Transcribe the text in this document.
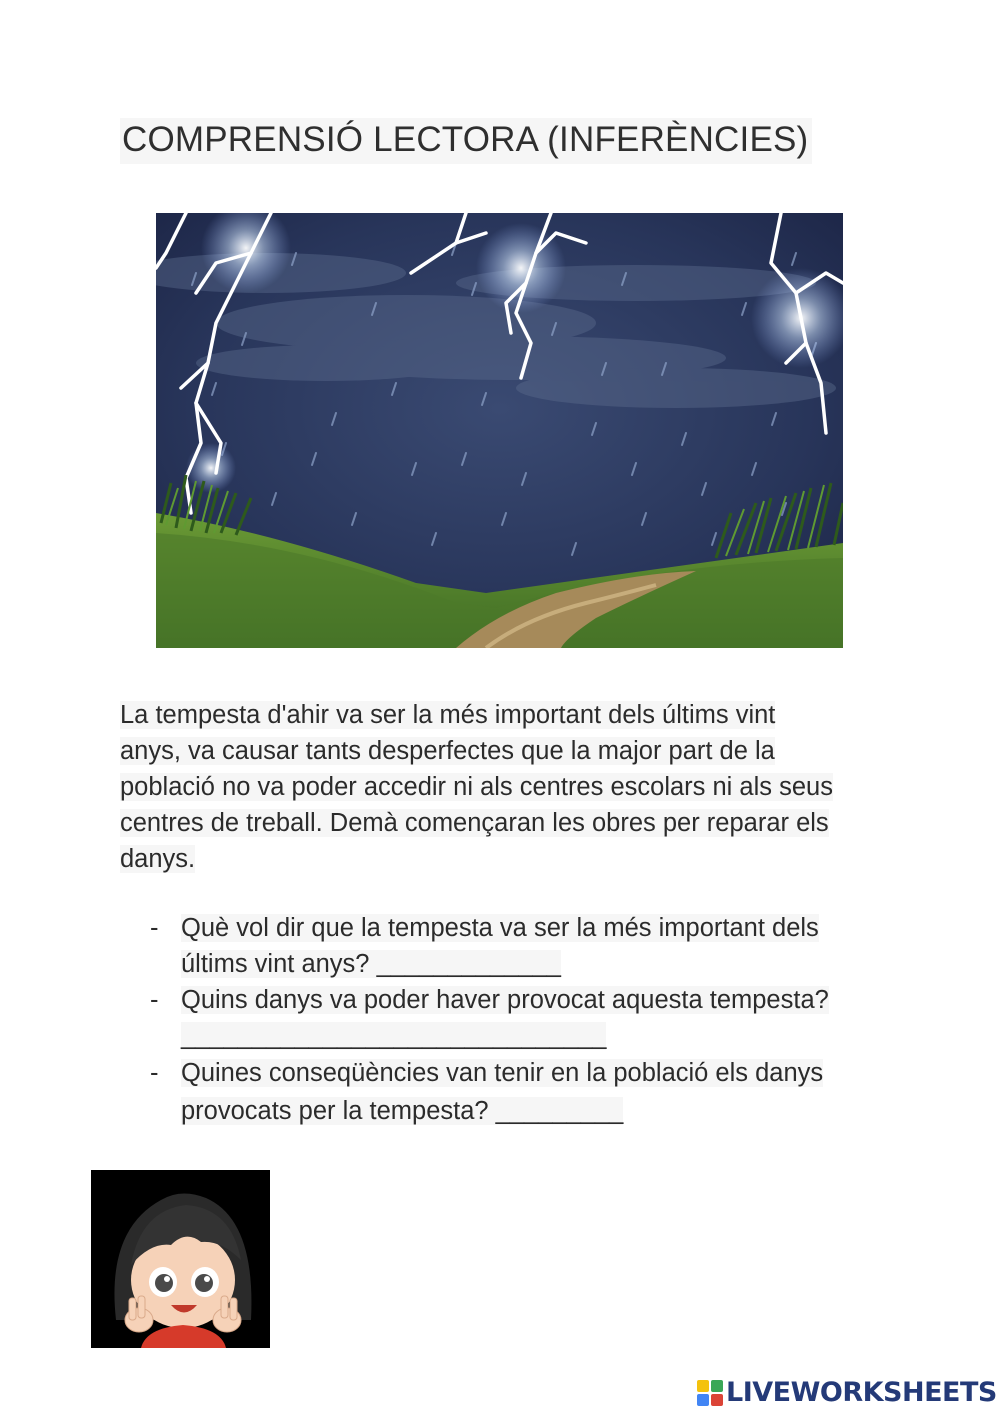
COMPRENSIÓ LECTORA (INFERÈNCIES)

La tempesta d'ahir va ser la més important dels últims vint
anys, va causar tants desperfectes que la major part de la
població no va poder accedir ni als centres escolars ni als seus
centres de treball. Demà començaran les obres per reparar els
danys.

- Què vol dir que la tempesta va ser la més important dels
últims vint anys? _____________
- Quins danys va poder haver provocat aquesta tempesta?
______________________________
- Quines conseqüències van tenir en la població els danys
provocats per la tempesta? _________
LIVEWORKSHEETS
